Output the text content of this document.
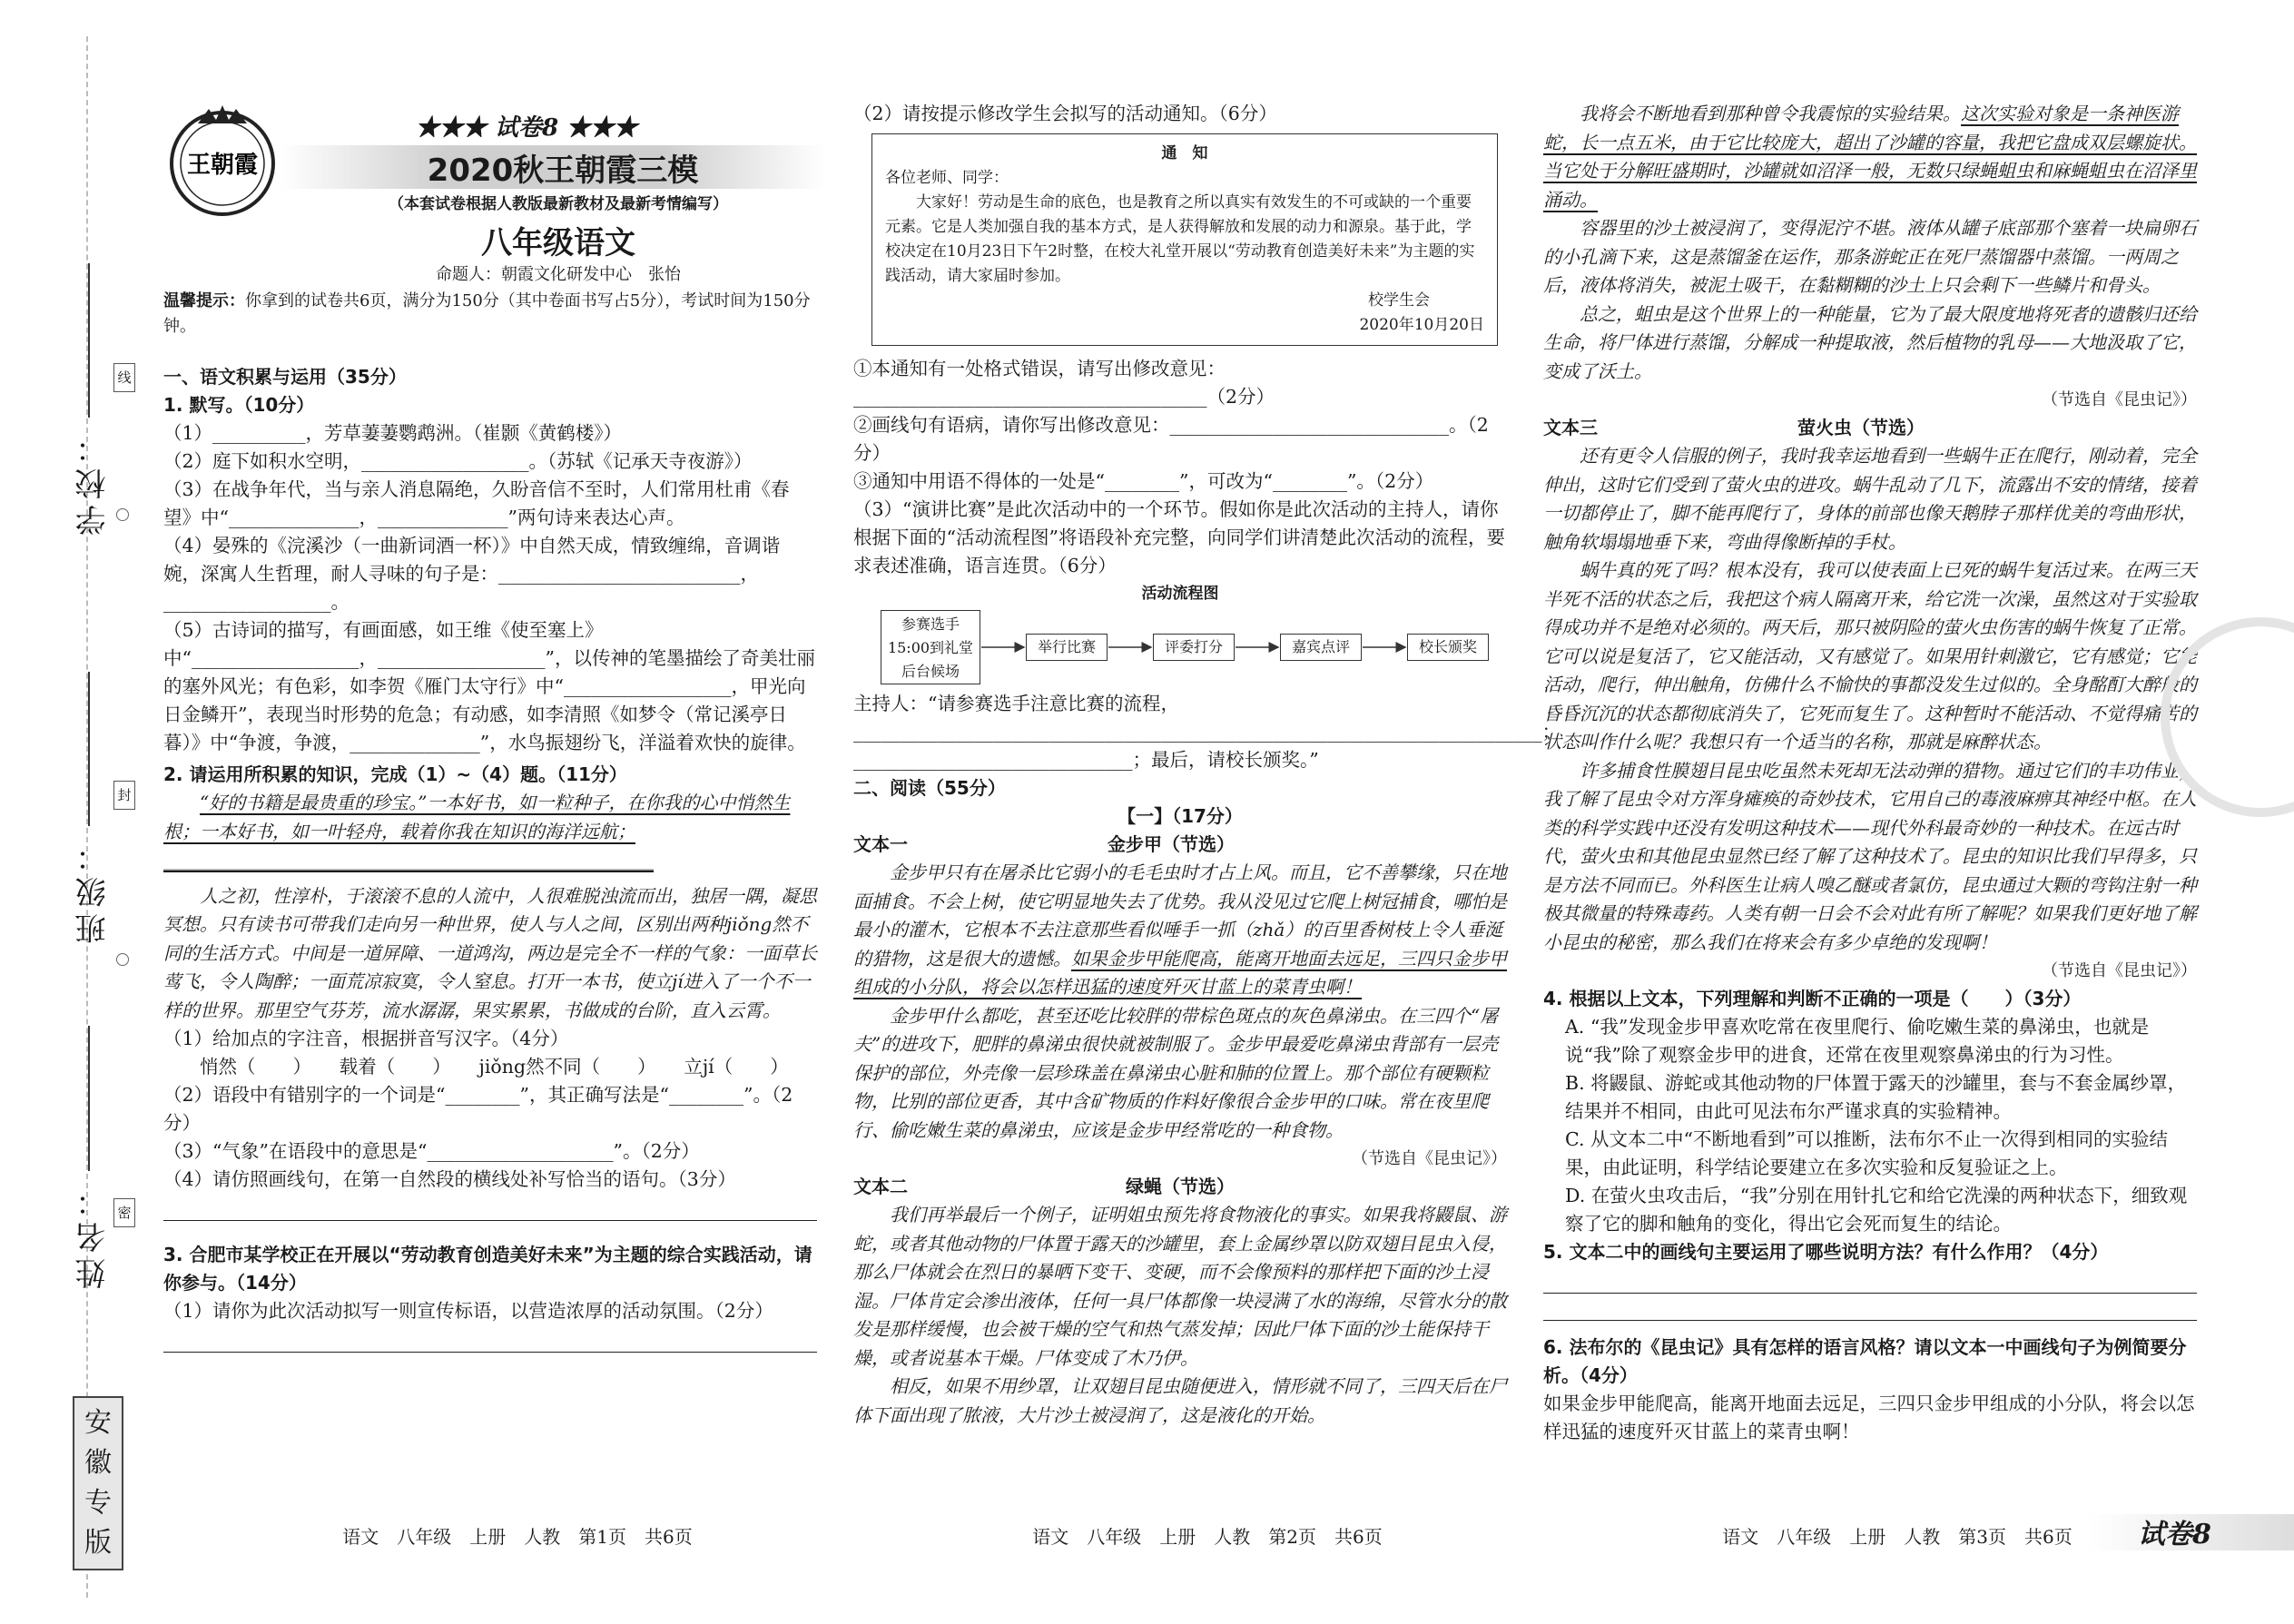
学校：
班级：
姓名：
线
封
密
安
徽
专
版
王朝霞
★★★ 试卷8 ★★★
2020秋王朝霞三模
（本套试卷根据人教版最新教材及最新考情编写）
八年级语文
命题人：朝霞文化研发中心　张怡
温馨提示：你拿到的试卷共6页，满分为150分（其中卷面书写占5分），考试时间为150分钟。

一、语文积累与运用（35分）

1. 默写。（10分）

（1）__________，芳草萋萋鹦鹉洲。（崔颢《黄鹤楼》）

（2）庭下如积水空明，__________________。（苏轼《记承天寺夜游》）

（3）在战争年代，当与亲人消息隔绝，久盼音信不至时，人们常用杜甫《春望》中“______________，______________”两句诗来表达心声。

（4）晏殊的《浣溪沙（一曲新词酒一杯）》中自然天成，情致缠绵，音调谐婉，深寓人生哲理，耐人寻味的句子是：__________________________，__________________。

（5）古诗词的描写，有画面感，如王维《使至塞上》中“__________________，__________________”，以传神的笔墨描绘了奇美壮丽的塞外风光；有色彩，如李贺《雁门太守行》中“__________________，甲光向日金鳞开”，表现当时形势的危急；有动感，如李清照《如梦令（常记溪亭日暮）》中“争渡，争渡，______________”，水鸟振翅纷飞，洋溢着欢快的旋律。

2. 请运用所积累的知识，完成（1）~（4）题。（11分）

“好的书籍是最贵重的珍宝。”一本好书，如一粒种子，在你我的心中悄然生根；一本好书，如一叶轻舟，载着你我在知识的海洋远航；______________________________________________________

人之初，性淳朴，于滚滚不息的人流中，人很难脱浊流而出，独居一隅，凝思冥想。只有读书可带我们走向另一种世界，使人与人之间，区别出两种jiǒng然不同的生活方式。中间是一道屏障、一道鸿沟，两边是完全不一样的气象：一面草长莺飞，令人陶醉；一面荒凉寂寞，令人窒息。打开一本书，使立jí进入了一个不一样的世界。那里空气芬芳，流水潺潺，果实累累，书做成的台阶，直入云霄。

（1）给加点的字注音，根据拼音写汉字。（4分）

悄然（　　）　　载着（　　）　　jiǒng然不同（　　）　　立jí（　　）

（2）语段中有错别字的一个词是“________”，其正确写法是“________”。（2分）

（3）“气象”在语段中的意思是“____________________”。（2分）

（4）请仿照画线句，在第一自然段的横线处补写恰当的语句。（3分）

3. 合肥市某学校正在开展以“劳动教育创造美好未来”为主题的综合实践活动，请你参与。（14分）

（1）请你为此次活动拟写一则宣传标语，以营造浓厚的活动氛围。（2分）

（2）请按提示修改学生会拟写的活动通知。（6分）

通　知

各位老师、同学：

大家好！劳动是生命的底色，也是教育之所以真实有效发生的不可或缺的一个重要元素。它是人类加强自我的基本方式，是人获得解放和发展的动力和源泉。基于此，学校决定在10月23日下午2时整，在校大礼堂开展以“劳动教育创造美好未来”为主题的实践活动，请大家届时参加。

校学生会

2020年10月20日

①本通知有一处格式错误，请写出修改意见：______________________________________（2分）

②画线句有语病，请你写出修改意见：______________________________。（2分）

③通知中用语不得体的一处是“________”，可改为“________”。（2分）

（3）“演讲比赛”是此次活动中的一个环节。假如你是此次活动的主持人，请你根据下面的“活动流程图”将语段补充完整，向同学们讲清楚此次活动的流程，要求表述准确，语言连贯。（6分）

活动流程图

参赛选手15:00到礼堂后台候场
举行比赛	评委打分	嘉宾点评	校长颁奖

主持人：“请参赛选手注意比赛的流程，__________________________________________________________________________；______________________________；最后，请校长颁奖。”

二、阅读（55分）

【一】（17分）

文本一	金步甲（节选）

金步甲只有在屠杀比它弱小的毛毛虫时才占上风。而且，它不善攀缘，只在地面捕食。不会上树，使它明显地失去了优势。我从没见过它爬上树冠捕食，哪怕是最小的灌木，它根本不去注意那些看似唾手一抓（zhǎ）的百里香树枝上令人垂涎的猎物，这是很大的遗憾。如果金步甲能爬高，能离开地面去远足，三四只金步甲组成的小分队，将会以怎样迅猛的速度歼灭甘蓝上的菜青虫啊！

金步甲什么都吃，甚至还吃比较胖的带棕色斑点的灰色鼻涕虫。在三四个“屠夫”的进攻下，肥胖的鼻涕虫很快就被制服了。金步甲最爱吃鼻涕虫背部有一层壳保护的部位，外壳像一层珍珠盖在鼻涕虫心脏和肺的位置上。那个部位有硬颗粒物，比别的部位更香，其中含矿物质的作料好像很合金步甲的口味。常在夜里爬行、偷吃嫩生菜的鼻涕虫，应该是金步甲经常吃的一种食物。

（节选自《昆虫记》）

文本二	绿蝇（节选）

我们再举最后一个例子，证明姐虫预先将食物液化的事实。如果我将鼹鼠、游蛇，或者其他动物的尸体置于露天的沙罐里，套上金属纱罩以防双翅目昆虫入侵，那么尸体就会在烈日的暴晒下变干、变硬，而不会像预料的那样把下面的沙土浸湿。尸体肯定会渗出液体，任何一具尸体都像一块浸满了水的海绵，尽管水分的散发是那样缓慢，也会被干燥的空气和热气蒸发掉；因此尸体下面的沙土能保持干燥，或者说基本干燥。尸体变成了木乃伊。

相反，如果不用纱罩，让双翅目昆虫随便进入，情形就不同了，三四天后在尸体下面出现了脓液，大片沙土被浸润了，这是液化的开始。

我将会不断地看到那种曾令我震惊的实验结果。这次实验对象是一条神医游蛇，长一点五米，由于它比较庞大，超出了沙罐的容量，我把它盘成双层螺旋状。当它处于分解旺盛期时，沙罐就如沼泽一般，无数只绿蝇蛆虫和麻蝇蛆虫在沼泽里涌动。

容器里的沙土被浸润了，变得泥泞不堪。液体从罐子底部那个塞着一块扁卵石的小孔滴下来，这是蒸馏釜在运作，那条游蛇正在死尸蒸馏器中蒸馏。一两周之后，液体将消失，被泥土吸干，在黏糊糊的沙土上只会剩下一些鳞片和骨头。

总之，蛆虫是这个世界上的一种能量，它为了最大限度地将死者的遗骸归还给生命，将尸体进行蒸馏，分解成一种提取液，然后植物的乳母——大地汲取了它，变成了沃土。

（节选自《昆虫记》）

文本三	萤火虫（节选）

还有更令人信服的例子，我时我幸运地看到一些蜗牛正在爬行，刚动着，完全伸出，这时它们受到了萤火虫的进攻。蜗牛乱动了几下，流露出不安的情绪，接着一切都停止了，脚不能再爬行了，身体的前部也像天鹅脖子那样优美的弯曲形状，触角软塌塌地垂下来，弯曲得像断掉的手杖。

蜗牛真的死了吗？根本没有，我可以使表面上已死的蜗牛复活过来。在两三天半死不活的状态之后，我把这个病人隔离开来，给它洗一次澡，虽然这对于实验取得成功并不是绝对必须的。两天后，那只被阴险的萤火虫伤害的蜗牛恢复了正常。它可以说是复活了，它又能活动，又有感觉了。如果用针刺激它，它有感觉；它能活动，爬行，伸出触角，仿佛什么不愉快的事都没发生过似的。全身酩酊大醉般的昏昏沉沉的状态都彻底消失了，它死而复生了。这种暂时不能活动、不觉得痛苦的状态叫作什么呢？我想只有一个适当的名称，那就是麻醉状态。

许多捕食性膜翅目昆虫吃虽然未死却无法动弹的猎物。通过它们的丰功伟业，我了解了昆虫令对方浑身瘫痪的奇妙技术，它用自己的毒液麻痹其神经中枢。在人类的科学实践中还没有发明这种技术——现代外科最奇妙的一种技术。在远古时代，萤火虫和其他昆虫显然已经了解了这种技术了。昆虫的知识比我们早得多，只是方法不同而已。外科医生让病人嗅乙醚或者氯仿，昆虫通过大颗的弯钩注射一种极其微量的特殊毒药。人类有朝一日会不会对此有所了解呢？如果我们更好地了解小昆虫的秘密，那么我们在将来会有多少卓绝的发现啊！

（节选自《昆虫记》）

4. 根据以上文本，下列理解和判断不正确的一项是（　　）（3分）

A. “我”发现金步甲喜欢吃常在夜里爬行、偷吃嫩生菜的鼻涕虫，也就是说“我”除了观察金步甲的进食，还常在夜里观察鼻涕虫的行为习性。

B. 将鼹鼠、游蛇或其他动物的尸体置于露天的沙罐里，套与不套金属纱罩，结果并不相同，由此可见法布尔严谨求真的实验精神。

C. 从文本二中“不断地看到”可以推断，法布尔不止一次得到相同的实验结果，由此证明，科学结论要建立在多次实验和反复验证之上。

D. 在萤火虫攻击后，“我”分别在用针扎它和给它洗澡的两种状态下，细致观察了它的脚和触角的变化，得出它会死而复生的结论。

5. 文本二中的画线句主要运用了哪些说明方法？有什么作用？（4分）

6. 法布尔的《昆虫记》具有怎样的语言风格？请以文本一中画线句子为例简要分析。（4分）

如果金步甲能爬高，能离开地面去远足，三四只金步甲组成的小分队，将会以怎样迅猛的速度歼灭甘蓝上的菜青虫啊！

语文　八年级　上册　人教　第1页　共6页	语文　八年级　上册　人教　第2页　共6页	语文　八年级　上册　人教　第3页　共6页	试卷8
